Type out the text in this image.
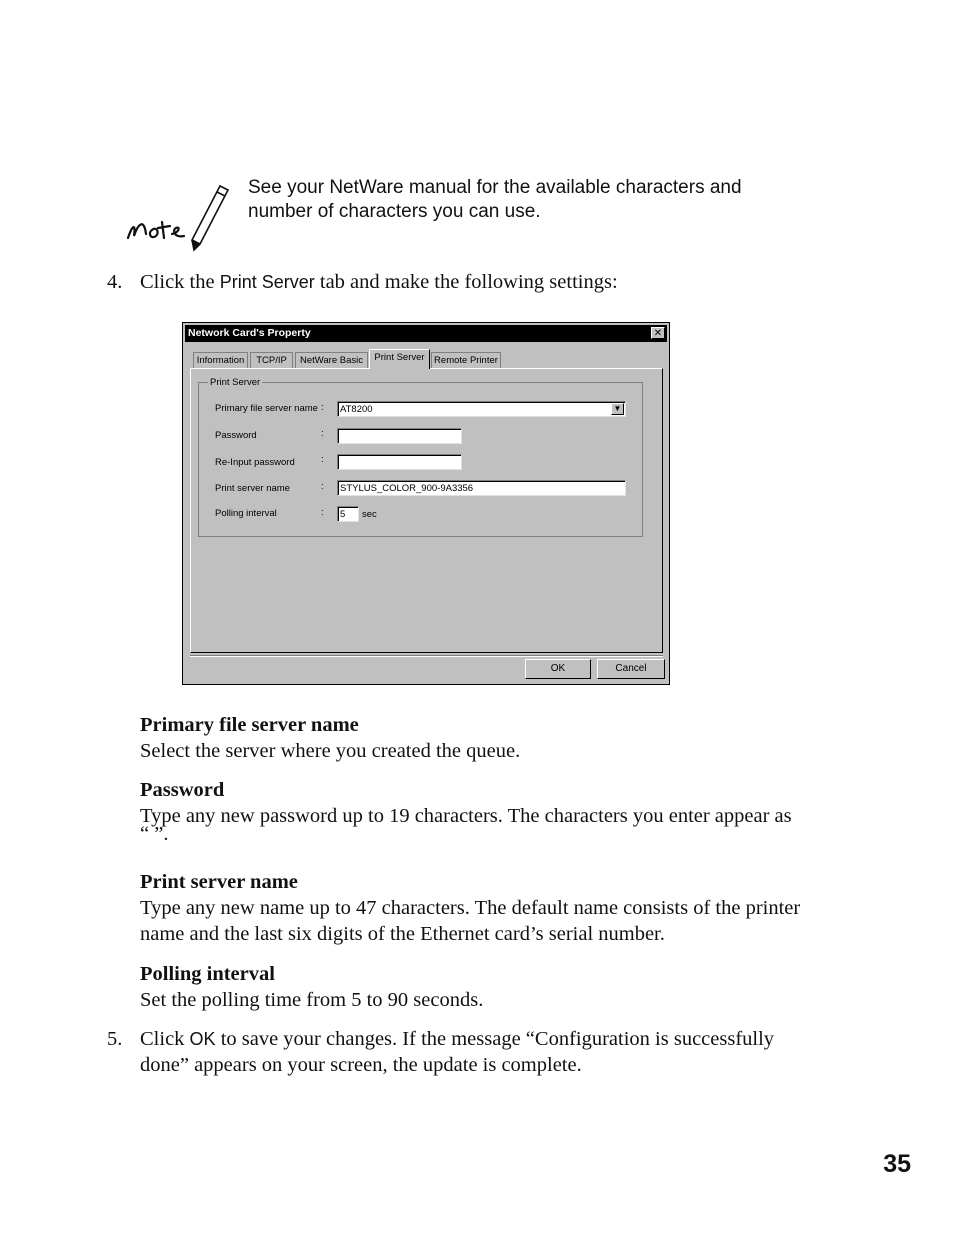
See your NetWare manual for the available characters and
number of characters you can use.
4. Click the Print Server tab and make the following settings:
Network Card's Property	✕
Information	TCP/IP	NetWare Basic	Print Server Remote Printer
Print Server
Primary file server name :	AT8200	▼
Password	:
Re-Input password	:
Print server name	:	STYLUS_COLOR_900-9A3356
Polling interval	:	5	sec
OK	Cancel
Primary file server name
Select the server where you created the queue.
Password
Type any new password up to 19 characters. The characters you enter appear as
“ ”.
Print server name
Type any new name up to 47 characters. The default name consists of the printer
name and the last six digits of the Ethernet card’s serial number.
Polling interval
Set the polling time from 5 to 90 seconds.
5. Click OK to save your changes. If the message “Configuration is successfully
done” appears on your screen, the update is complete.
35
